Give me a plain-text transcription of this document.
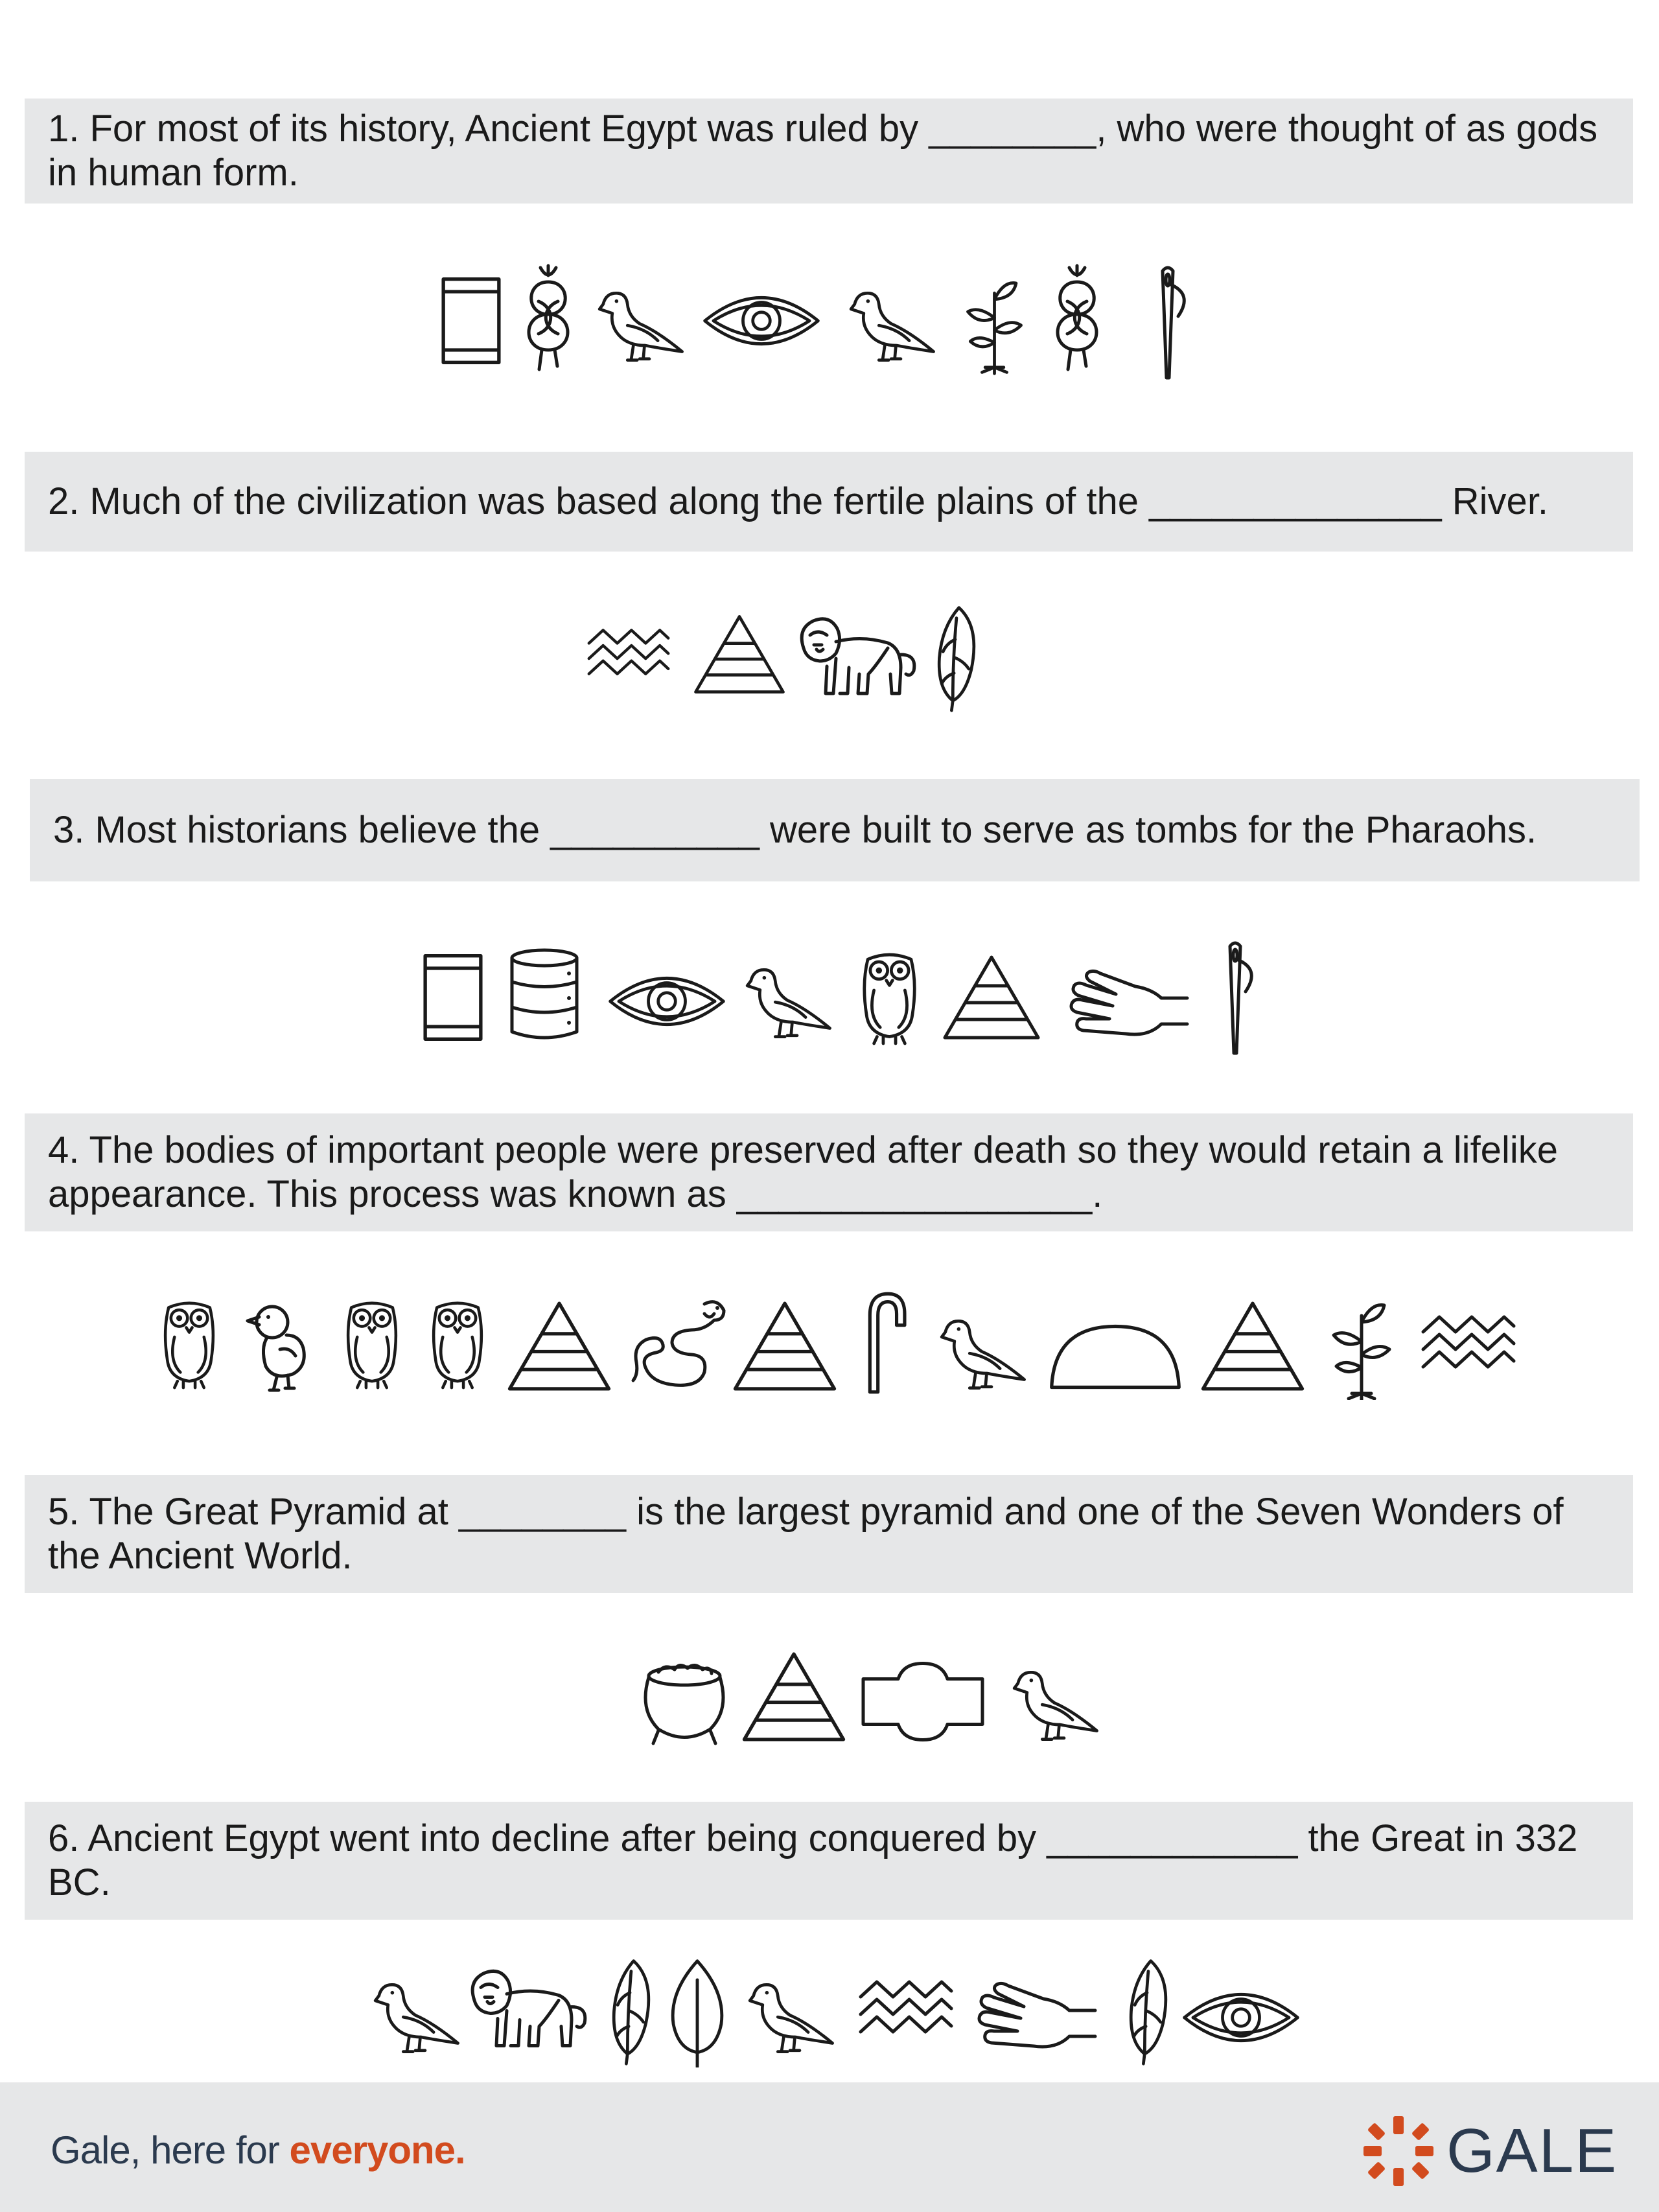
1. For most of its history, Ancient Egypt was ruled by ________, who were thought of as gods in human form.
2. Much of the civilization was based along the fertile plains of the ______________ River.
3. Most historians believe the __________ were built to serve as tombs for the Pharaohs.
4. The bodies of important people were preserved after death so they would retain a lifelike appearance. This process was known as _________________.
5. The Great Pyramid at ________ is the largest pyramid and one of the Seven Wonders of the Ancient World.
6. Ancient Egypt went into decline after being conquered by ____________ the Great in 332 BC.
Gale, here for everyone.	GALE
